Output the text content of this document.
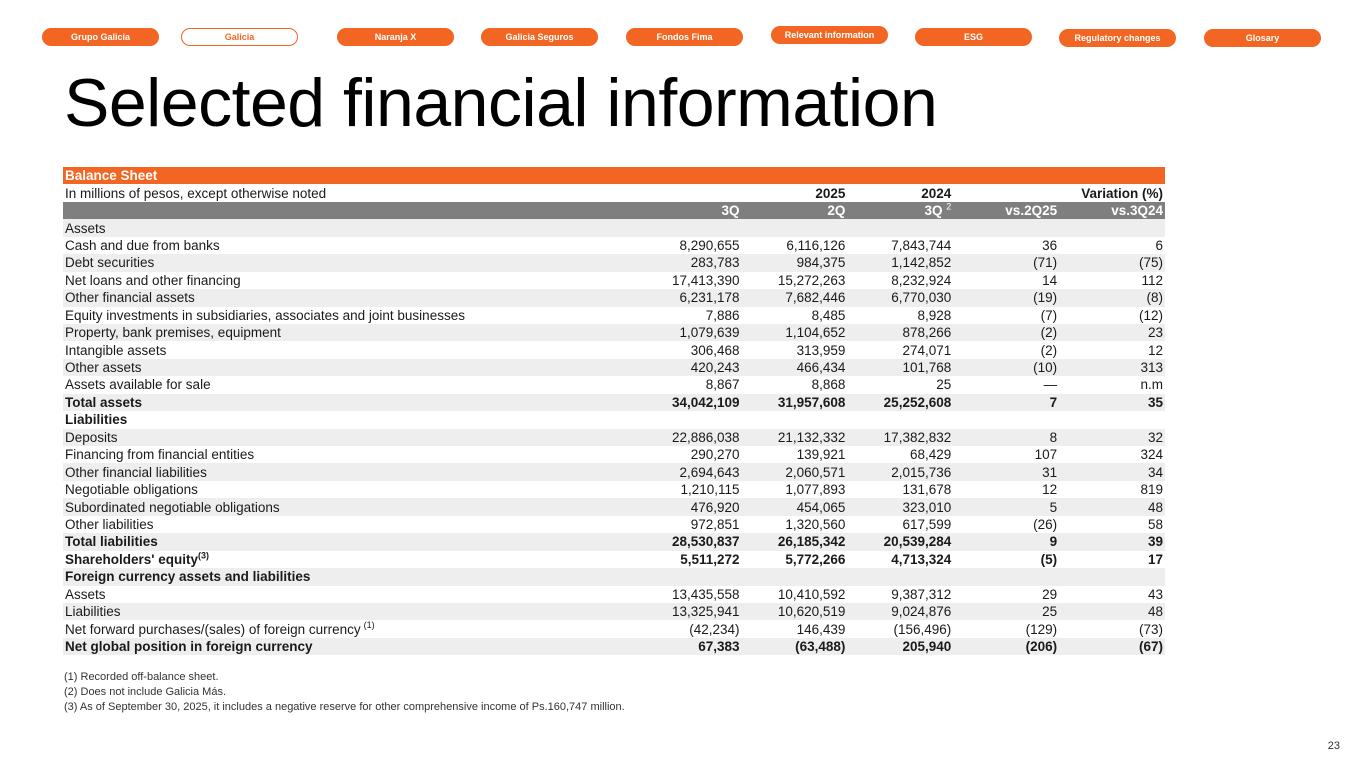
Grupo Galicia	Galicia	Naranja X	Galicia Seguros	Fondos Fima	Relevant information	ESG	Regulatory changes	Glosary
Selected financial information
Balance Sheet					
In millions of pesos, except otherwise noted		2025	2024		Variation (%)
	3Q	2Q	3Q $^2$	vs.2Q25	vs.3Q24
Assets					
Cash and due from banks	8,290,655	6,116,126	7,843,744	36	6
Debt securities	283,783	984,375	1,142,852	(71)	(75)
Net loans and other financing	17,413,390	15,272,263	8,232,924	14	112
Other financial assets	6,231,178	7,682,446	6,770,030	(19)	(8)
Equity investments in subsidiaries, associates and joint businesses	7,886	8,485	8,928	(7)	(12)
Property, bank premises, equipment	1,079,639	1,104,652	878,266	(2)	23
Intangible assets	306,468	313,959	274,071	(2)	12
Other assets	420,243	466,434	101,768	(10)	313
Assets available for sale	8,867	8,868	25	—	n.m
Total assets	34,042,109	31,957,608	25,252,608	7	35
Liabilities					
Deposits	22,886,038	21,132,332	17,382,832	8	32
Financing from financial entities	290,270	139,921	68,429	107	324
Other financial liabilities	2,694,643	2,060,571	2,015,736	31	34
Negotiable obligations	1,210,115	1,077,893	131,678	12	819
Subordinated negotiable obligations	476,920	454,065	323,010	5	48
Other liabilities	972,851	1,320,560	617,599	(26)	58
Total liabilities	28,530,837	26,185,342	20,539,284	9	39
Shareholders' equity$^{(3)}$	5,511,272	5,772,266	4,713,324	(5)	17
Foreign currency assets and liabilities					
Assets	13,435,558	10,410,592	9,387,312	29	43
Liabilities	13,325,941	10,620,519	9,024,876	25	48
Net forward purchases/(sales) of foreign currency $^{(1)}$	(42,234)	146,439	(156,496)	(129)	(73)
Net global position in foreign currency	67,383	(63,488)	205,940	(206)	(67)
(1) Recorded off-balance sheet.
(2) Does not include Galicia Más.
(3) As of September 30, 2025, it includes a negative reserve for other comprehensive income of Ps.160,747 million.
23
